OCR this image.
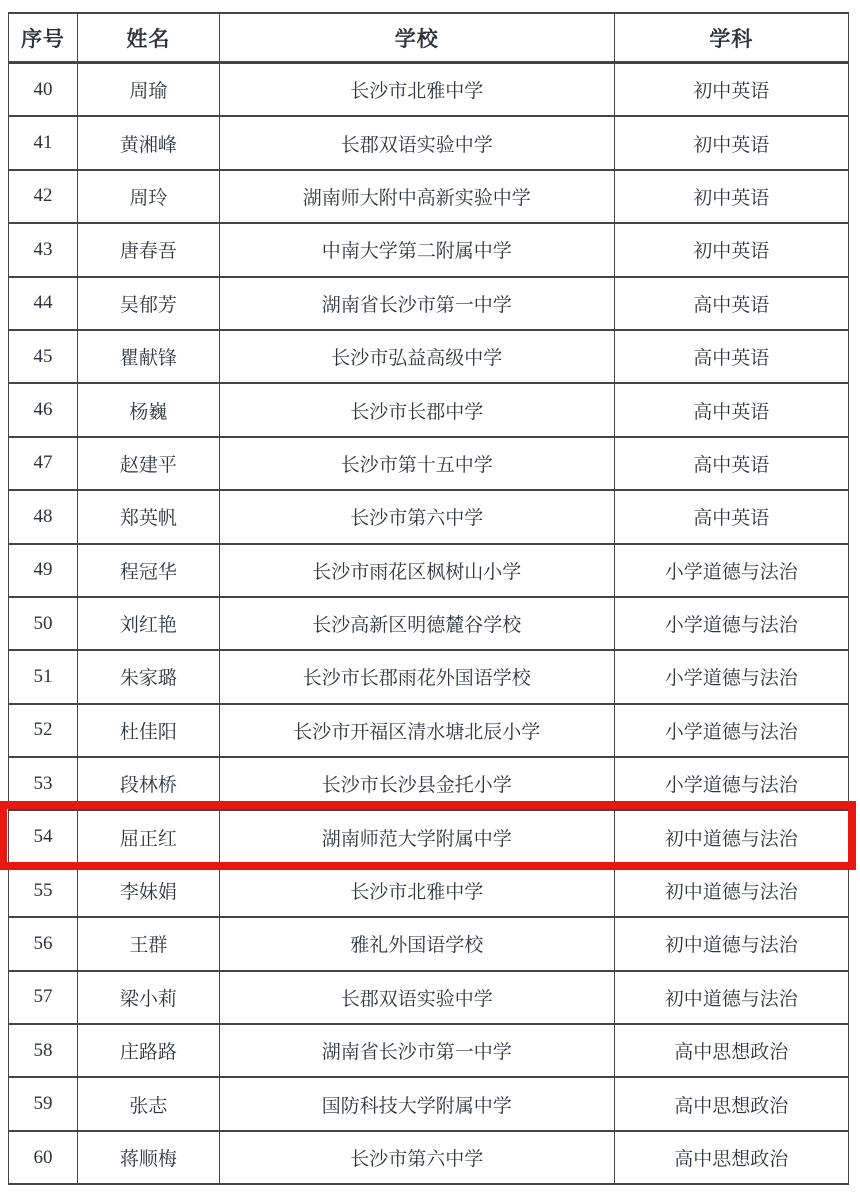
序号	姓名	学校	学科
40	周瑜	长沙市北雅中学	初中英语
41	黄湘峰	长郡双语实验中学	初中英语
42	周玲	湖南师大附中高新实验中学	初中英语
43	唐春吾	中南大学第二附属中学	初中英语
44	吴郁芳	湖南省长沙市第一中学	高中英语
45	瞿献锋	长沙市弘益高级中学	高中英语
46	杨巍	长沙市长郡中学	高中英语
47	赵建平	长沙市第十五中学	高中英语
48	郑英帆	长沙市第六中学	高中英语
49	程冠华	长沙市雨花区枫树山小学	小学道德与法治
50	刘红艳	长沙高新区明德麓谷学校	小学道德与法治
51	朱家璐	长沙市长郡雨花外国语学校	小学道德与法治
52	杜佳阳	长沙市开福区清水塘北辰小学	小学道德与法治
53	段林桥	长沙市长沙县金托小学	小学道德与法治
54	屈正红	湖南师范大学附属中学	初中道德与法治
55	李妹娟	长沙市北雅中学	初中道德与法治
56	王群	雅礼外国语学校	初中道德与法治
57	梁小莉	长郡双语实验中学	初中道德与法治
58	庄路路	湖南省长沙市第一中学	高中思想政治
59	张志	国防科技大学附属中学	高中思想政治
60	蒋顺梅	长沙市第六中学	高中思想政治
